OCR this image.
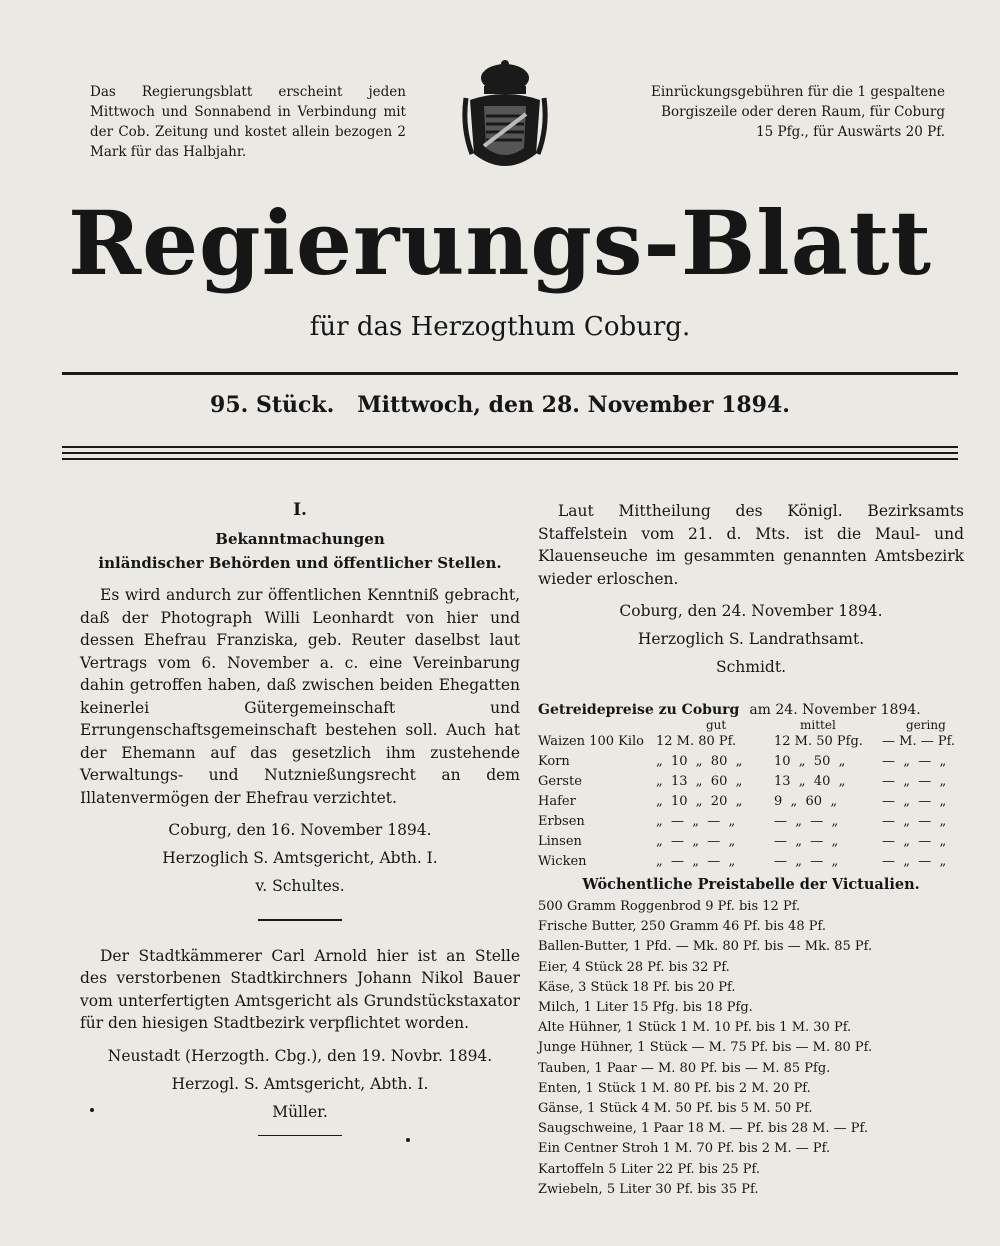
Das Regierungsblatt erscheint jeden Mittwoch und Sonnabend in Verbindung mit der Cob. Zeitung und kostet allein bezogen 2 Mark für das Halbjahr.
Einrückungsgebühren für die 1 gespaltene
Borgiszeile oder deren Raum, für Coburg
15 Pfg., für Auswärts 20 Pf.
Regierungs-Blatt
für das Herzogthum Coburg.
95. Stück.   Mittwoch, den 28. November 1894.
I.
Bekanntmachungen
inländischer Behörden und öffentlicher Stellen.

Es wird andurch zur öffentlichen Kenntniß gebracht, daß der Photograph Willi Leonhardt von hier und dessen Ehefrau Franziska, geb. Reuter daselbst laut Vertrags vom 6. November a. c. eine Vereinbarung dahin getroffen haben, daß zwischen beiden Ehegatten keinerlei Gütergemeinschaft und Errungenschaftsgemeinschaft bestehen soll. Auch hat der Ehemann auf das gesetzlich ihm zustehende Verwaltungs- und Nutznießungsrecht an dem Illatenvermögen der Ehefrau verzichtet.

Coburg, den 16. November 1894.
Herzoglich S. Amtsgericht, Abth. I.
v. Schultes.

Der Stadtkämmerer Carl Arnold hier ist an Stelle des verstorbenen Stadtkirchners Johann Nikol Bauer vom unterfertigten Amtsgericht als Grundstückstaxator für den hiesigen Stadtbezirk verpflichtet worden.

Neustadt (Herzogth. Cbg.), den 19. Novbr. 1894.
Herzogl. S. Amtsgericht, Abth. I.
Müller.

Laut Mittheilung des Königl. Bezirksamts Staffelstein vom 21. d. Mts. ist die Maul- und Klauenseuche im gesammten genannten Amtsbezirk wieder erloschen.

Coburg, den 24. November 1894.
Herzoglich S. Landrathsamt.
Schmidt.
Getreidepreise zu Coburg am 24. November 1894.
gut	mittel	gering
Waizen 100 Kilo 12 M. 80 Pf.	12 M. 50 Pfg.	— M. — Pf.
Korn	„  10  „  80  „	10  „  50  „	—  „  —  „
Gerste	„  13  „  60  „	13  „  40  „	—  „  —  „
Hafer	„  10  „  20  „	9  „  60  „	—  „  —  „
Erbsen	„  —  „  —  „	—  „  —  „	—  „  —  „
Linsen	„  —  „  —  „	—  „  —  „	—  „  —  „
Wicken	„  —  „  —  „	—  „  —  „	—  „  —  „
Wöchentliche Preistabelle der Victualien.
500 Gramm Roggenbrod 9 Pf. bis 12 Pf.
Frische Butter, 250 Gramm 46 Pf. bis 48 Pf.
Ballen-Butter, 1 Pfd. — Mk. 80 Pf. bis — Mk. 85 Pf.
Eier, 4 Stück 28 Pf. bis 32 Pf.
Käse, 3 Stück 18 Pf. bis 20 Pf.
Milch, 1 Liter 15 Pfg. bis 18 Pfg.
Alte Hühner, 1 Stück 1 M. 10 Pf. bis 1 M. 30 Pf.
Junge Hühner, 1 Stück — M. 75 Pf. bis — M. 80 Pf.
Tauben, 1 Paar — M. 80 Pf. bis — M. 85 Pfg.
Enten, 1 Stück 1 M. 80 Pf. bis 2 M. 20 Pf.
Gänse, 1 Stück 4 M. 50 Pf. bis 5 M. 50 Pf.
Saugschweine, 1 Paar 18 M. — Pf. bis 28 M. — Pf.
Ein Centner Stroh 1 M. 70 Pf. bis 2 M. — Pf.
Kartoffeln 5 Liter 22 Pf. bis 25 Pf.
Zwiebeln, 5 Liter 30 Pf. bis 35 Pf.
